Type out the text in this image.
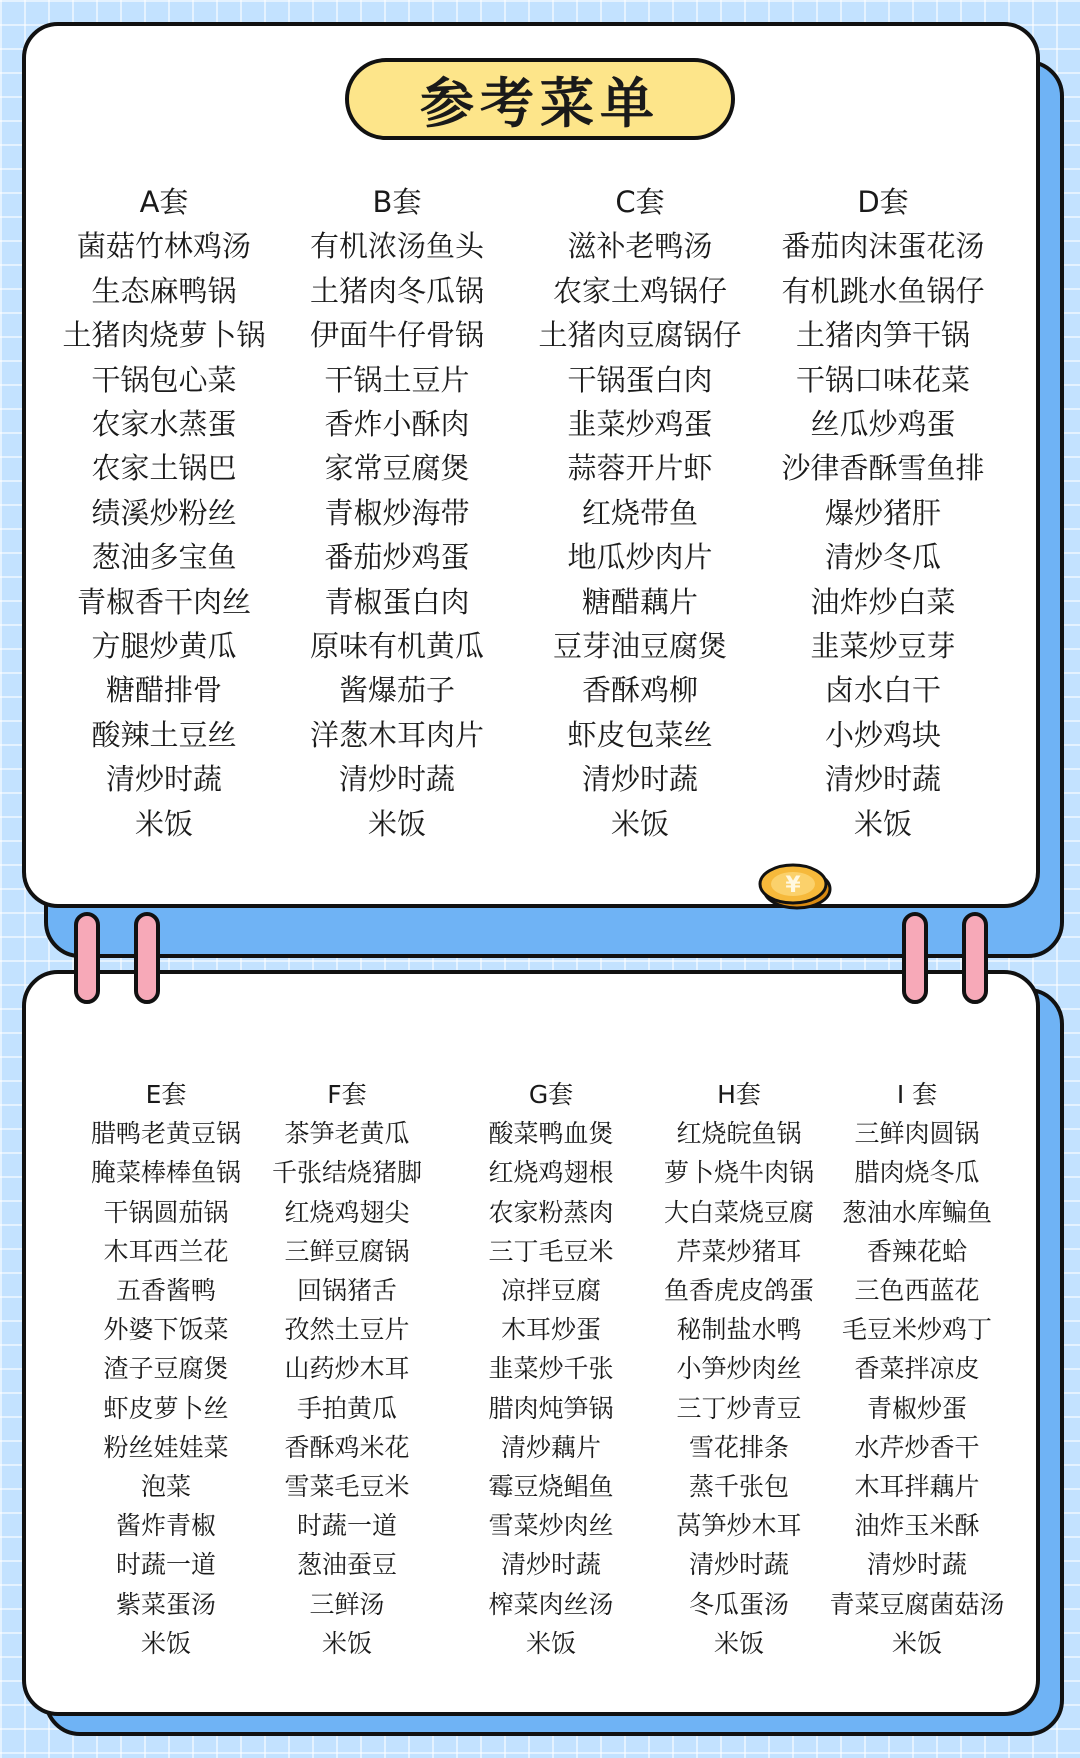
参考菜单
A套
菌菇竹林鸡汤
生态麻鸭锅
土猪肉烧萝卜锅
干锅包心菜
农家水蒸蛋
农家土锅巴
绩溪炒粉丝
葱油多宝鱼
青椒香干肉丝
方腿炒黄瓜
糖醋排骨
酸辣土豆丝
清炒时蔬
米饭
B套
有机浓汤鱼头
土猪肉冬瓜锅
伊面牛仔骨锅
干锅土豆片
香炸小酥肉
家常豆腐煲
青椒炒海带
番茄炒鸡蛋
青椒蛋白肉
原味有机黄瓜
酱爆茄子
洋葱木耳肉片
清炒时蔬
米饭
C套
滋补老鸭汤
农家土鸡锅仔
土猪肉豆腐锅仔
干锅蛋白肉
韭菜炒鸡蛋
蒜蓉开片虾
红烧带鱼
地瓜炒肉片
糖醋藕片
豆芽油豆腐煲
香酥鸡柳
虾皮包菜丝
清炒时蔬
米饭
D套
番茄肉沫蛋花汤
有机跳水鱼锅仔
土猪肉笋干锅
干锅口味花菜
丝瓜炒鸡蛋
沙律香酥雪鱼排
爆炒猪肝
清炒冬瓜
油炸炒白菜
韭菜炒豆芽
卤水白干
小炒鸡块
清炒时蔬
米饭
¥
E套
腊鸭老黄豆锅
腌菜棒棒鱼锅
干锅圆茄锅
木耳西兰花
五香酱鸭
外婆下饭菜
渣子豆腐煲
虾皮萝卜丝
粉丝娃娃菜
泡菜
酱炸青椒
时蔬一道
紫菜蛋汤
米饭
F套
茶笋老黄瓜
千张结烧猪脚
红烧鸡翅尖
三鲜豆腐锅
回锅猪舌
孜然土豆片
山药炒木耳
手拍黄瓜
香酥鸡米花
雪菜毛豆米
时蔬一道
葱油蚕豆
三鲜汤
米饭
G套
酸菜鸭血煲
红烧鸡翅根
农家粉蒸肉
三丁毛豆米
凉拌豆腐
木耳炒蛋
韭菜炒千张
腊肉炖笋锅
清炒藕片
霉豆烧鲳鱼
雪菜炒肉丝
清炒时蔬
榨菜肉丝汤
米饭
H套
红烧皖鱼锅
萝卜烧牛肉锅
大白菜烧豆腐
芹菜炒猪耳
鱼香虎皮鸽蛋
秘制盐水鸭
小笋炒肉丝
三丁炒青豆
雪花排条
蒸千张包
莴笋炒木耳
清炒时蔬
冬瓜蛋汤
米饭
I 套
三鲜肉圆锅
腊肉烧冬瓜
葱油水库鳊鱼
香辣花蛤
三色西蓝花
毛豆米炒鸡丁
香菜拌凉皮
青椒炒蛋
水芹炒香干
木耳拌藕片
油炸玉米酥
清炒时蔬
青菜豆腐菌菇汤
米饭
